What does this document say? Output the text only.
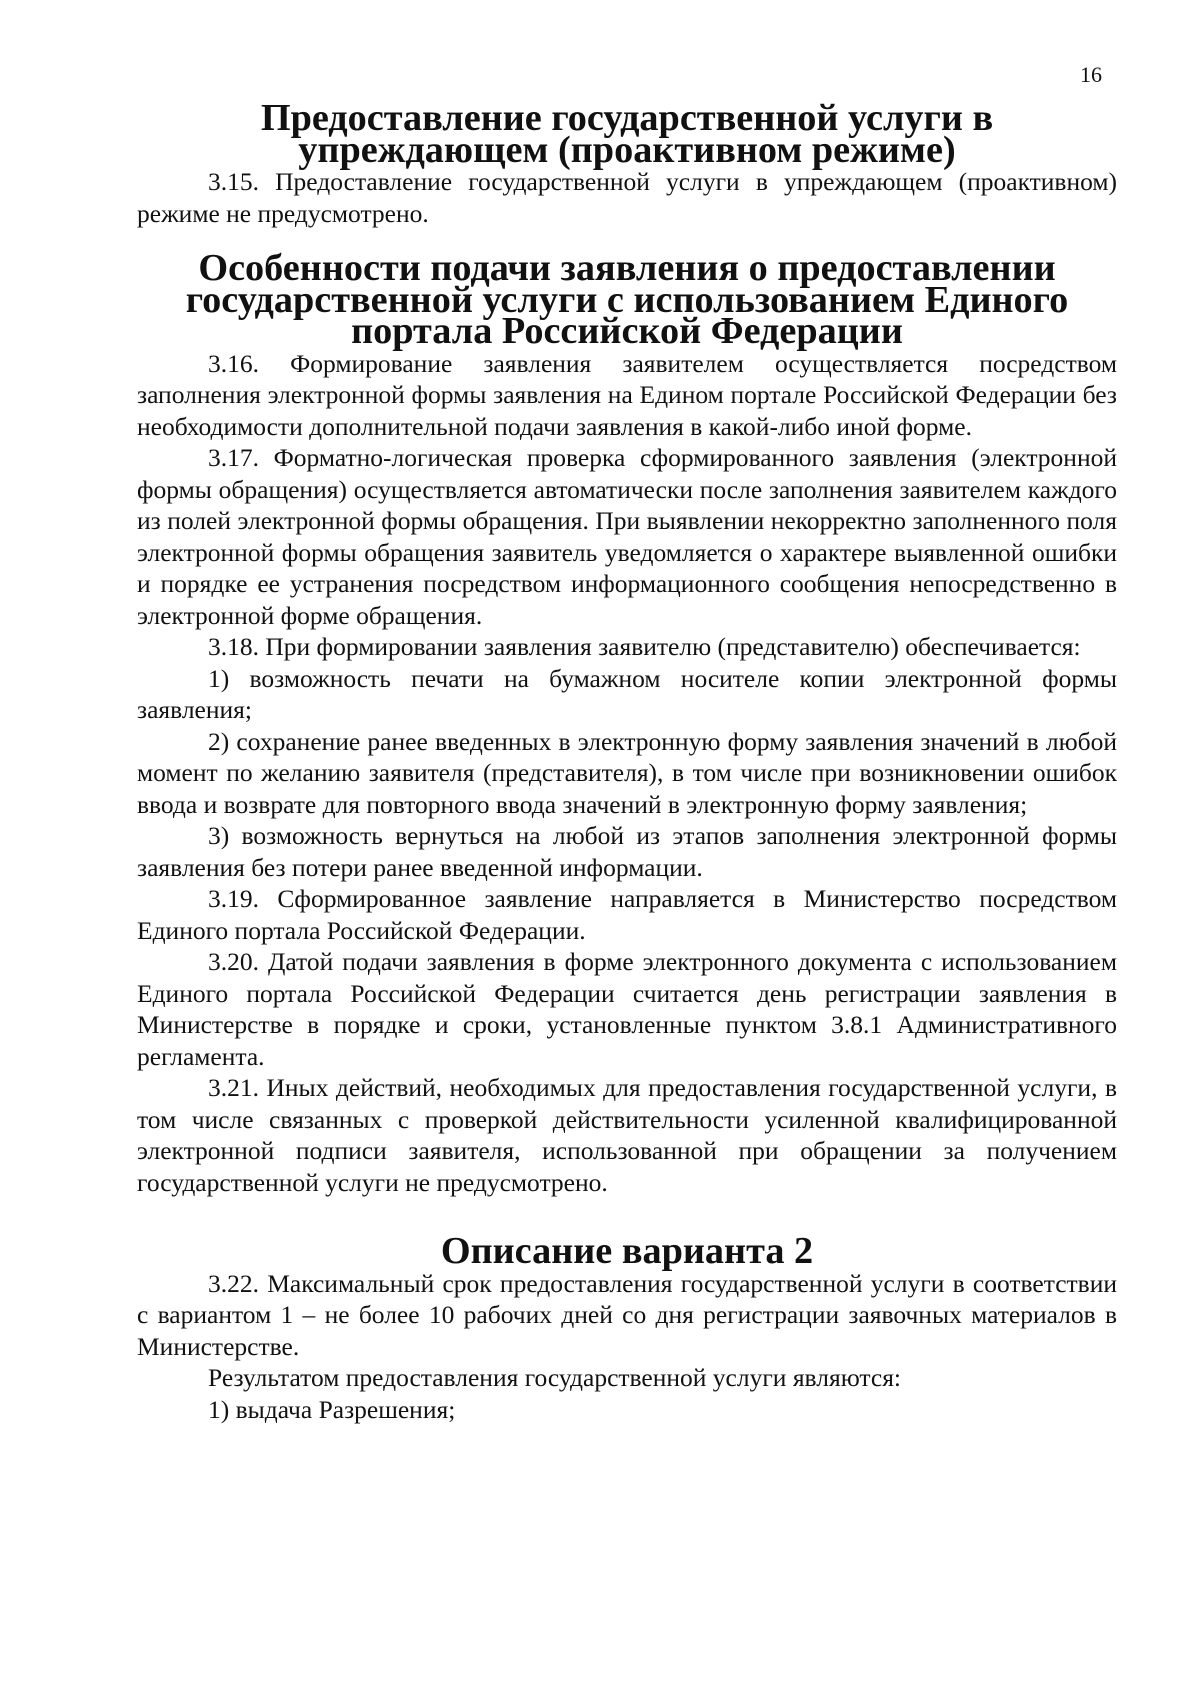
16
Предоставление государственной услуги в упреждающем (проактивном режиме)

3.15. Предоставление государственной услуги в упреждающем (проактивном) режиме не предусмотрено.

Особенности подачи заявления о предоставлении государственной услуги с использованием Единого портала Российской Федерации

3.16. Формирование заявления заявителем осуществляется посредством заполнения электронной формы заявления на Едином портале Российской Федерации без необходимости дополнительной подачи заявления в какой-либо иной форме.

3.17. Форматно-логическая проверка сформированного заявления (электронной формы обращения) осуществляется автоматически после заполнения заявителем каждого из полей электронной формы обращения. При выявлении некорректно заполненного поля электронной формы обращения заявитель уведомляется о характере выявленной ошибки и порядке ее устранения посредством информационного сообщения непосредственно в электронной форме обращения.

3.18. При формировании заявления заявителю (представителю) обеспечивается:

1) возможность печати на бумажном носителе копии электронной формы заявления;

2) сохранение ранее введенных в электронную форму заявления значений в любой момент по желанию заявителя (представителя), в том числе при возникновении ошибок ввода и возврате для повторного ввода значений в электронную форму заявления;

3) возможность вернуться на любой из этапов заполнения электронной формы заявления без потери ранее введенной информации.

3.19. Сформированное заявление направляется в Министерство посредством Единого портала Российской Федерации.

3.20. Датой подачи заявления в форме электронного документа с использованием Единого портала Российской Федерации считается день регистрации заявления в Министерстве в порядке и сроки, установленные пунктом 3.8.1 Административного регламента.

3.21. Иных действий, необходимых для предоставления государственной услуги, в том числе связанных с проверкой действительности усиленной квалифицированной электронной подписи заявителя, использованной при обращении за получением государственной услуги не предусмотрено.

Описание варианта 2

3.22. Максимальный срок предоставления государственной услуги в соответствии с вариантом 1 – не более 10 рабочих дней со дня регистрации заявочных материалов в Министерстве.

Результатом предоставления государственной услуги являются:

1) выдача Разрешения;
